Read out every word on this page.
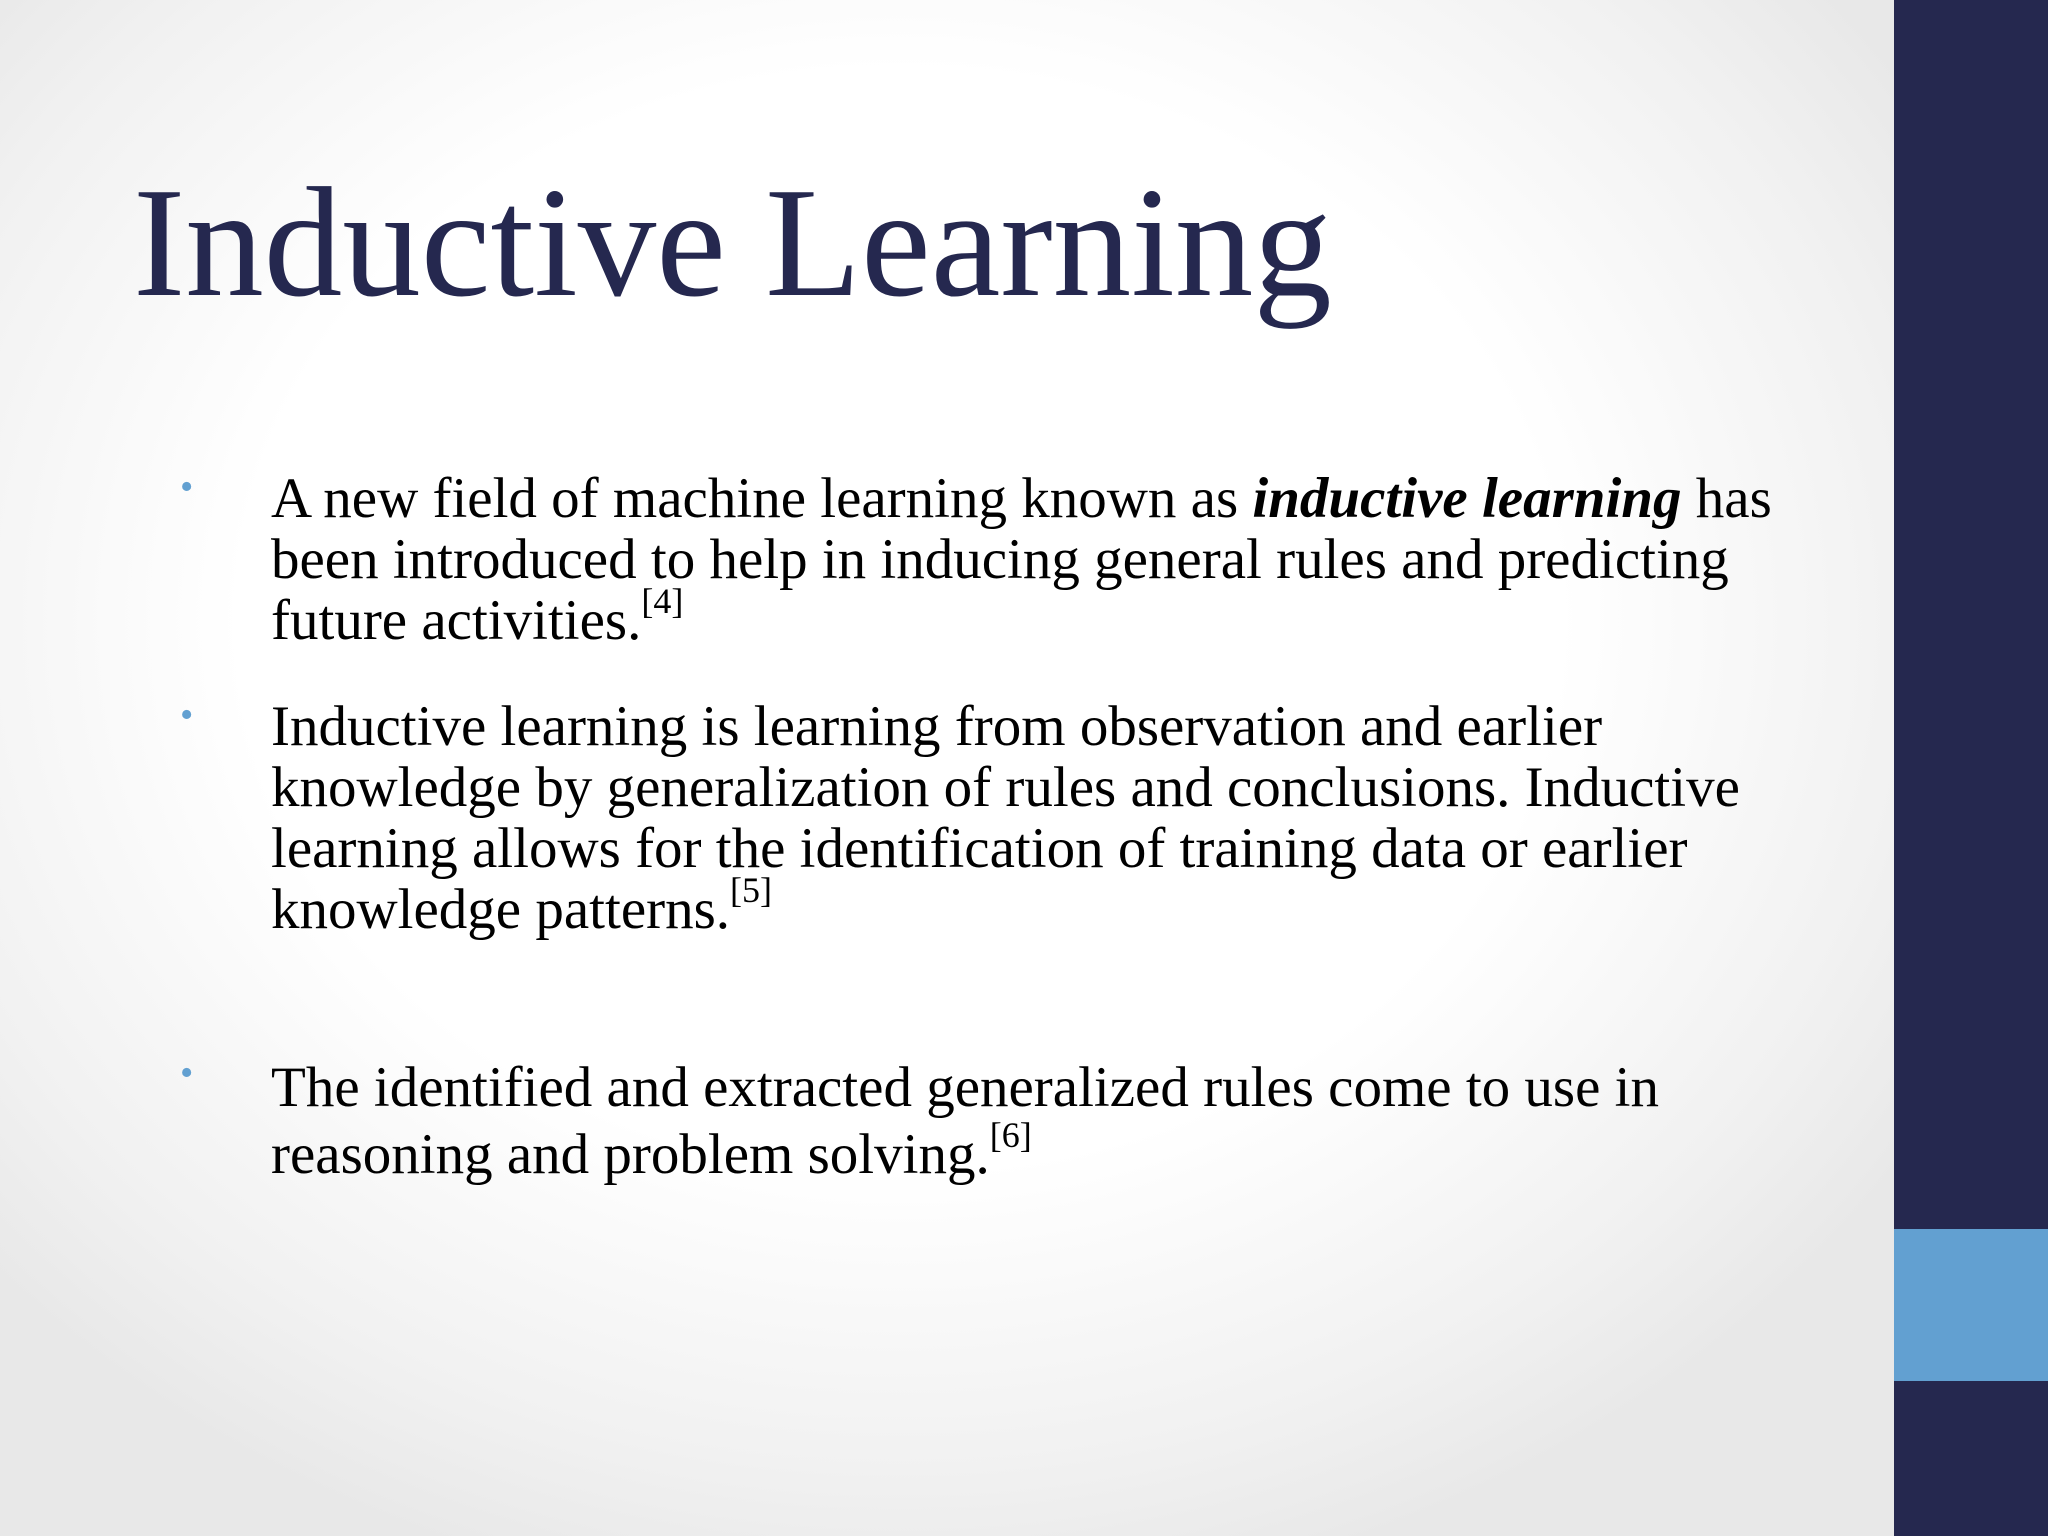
Inductive Learning
• A new field of machine learning known as inductive learning has been introduced to help in inducing general rules and predicting future activities.[4]
• Inductive learning is learning from observation and earlier knowledge by generalization of rules and conclusions. Inductive learning allows for the identification of training data or earlier knowledge patterns.[5]
• The identified and extracted generalized rules come to use in reasoning and problem solving.[6]
